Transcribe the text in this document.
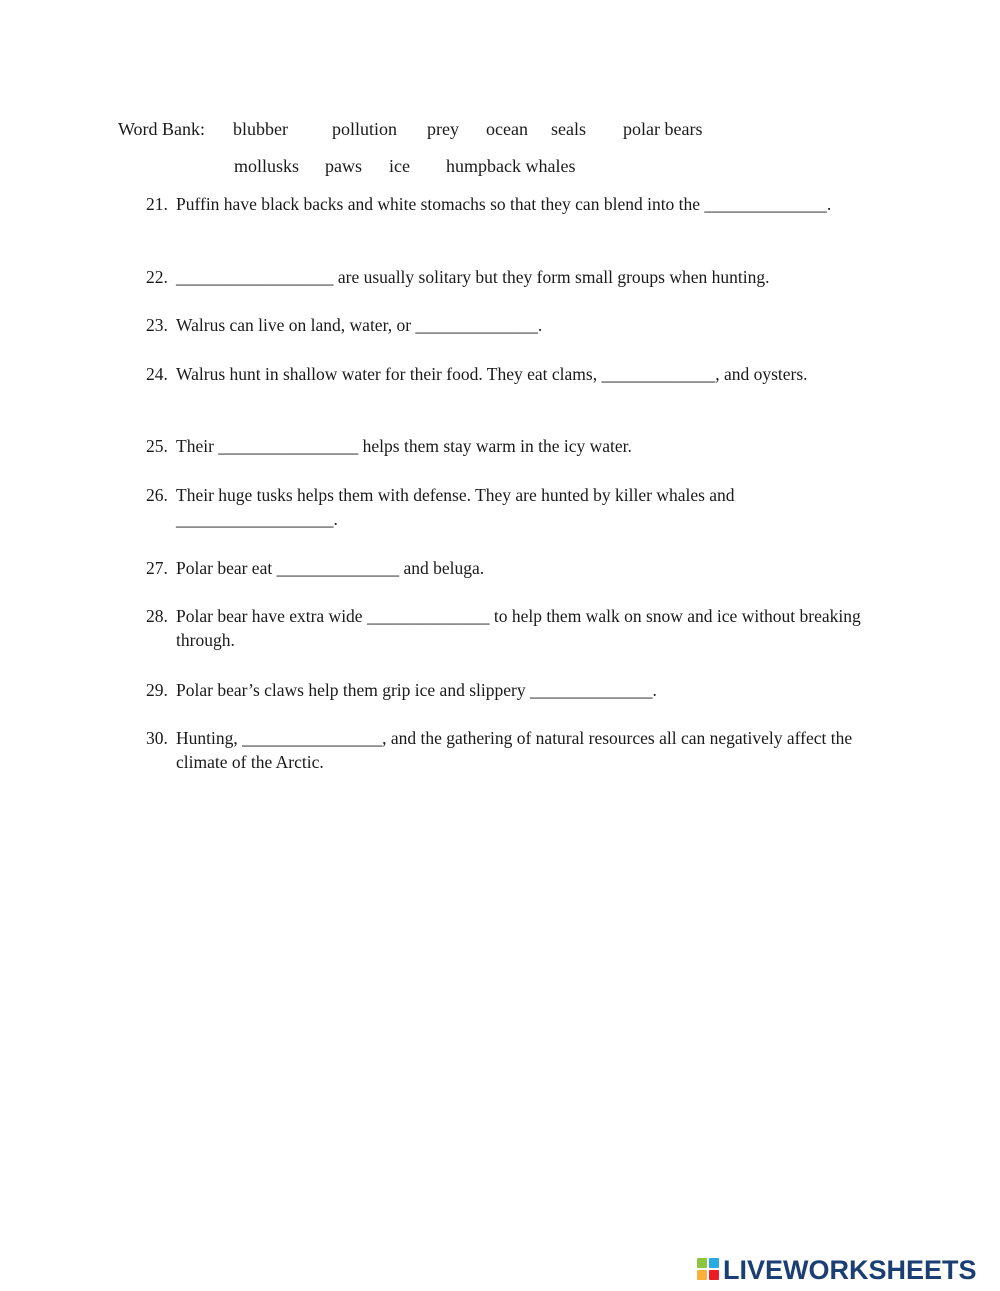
Word Bank: blubber pollution prey ocean seals polar bears
mollusks paws ice humpback whales
21. Puffin have black backs and white stomachs so that they can blend into the ______________.
22. __________________ are usually solitary but they form small groups when hunting.
23. Walrus can live on land, water, or ______________.
24. Walrus hunt in shallow water for their food. They eat clams, _____________, and oysters.
25. Their ________________ helps them stay warm in the icy water.
26. Their huge tusks helps them with defense. They are hunted by killer whales and __________________.
27. Polar bear eat ______________ and beluga.
28. Polar bear have extra wide ______________ to help them walk on snow and ice without breaking through.
29. Polar bear’s claws help them grip ice and slippery ______________.
30. Hunting, ________________, and the gathering of natural resources all can negatively affect the climate of the Arctic.
LIVEWORKSHEETS
